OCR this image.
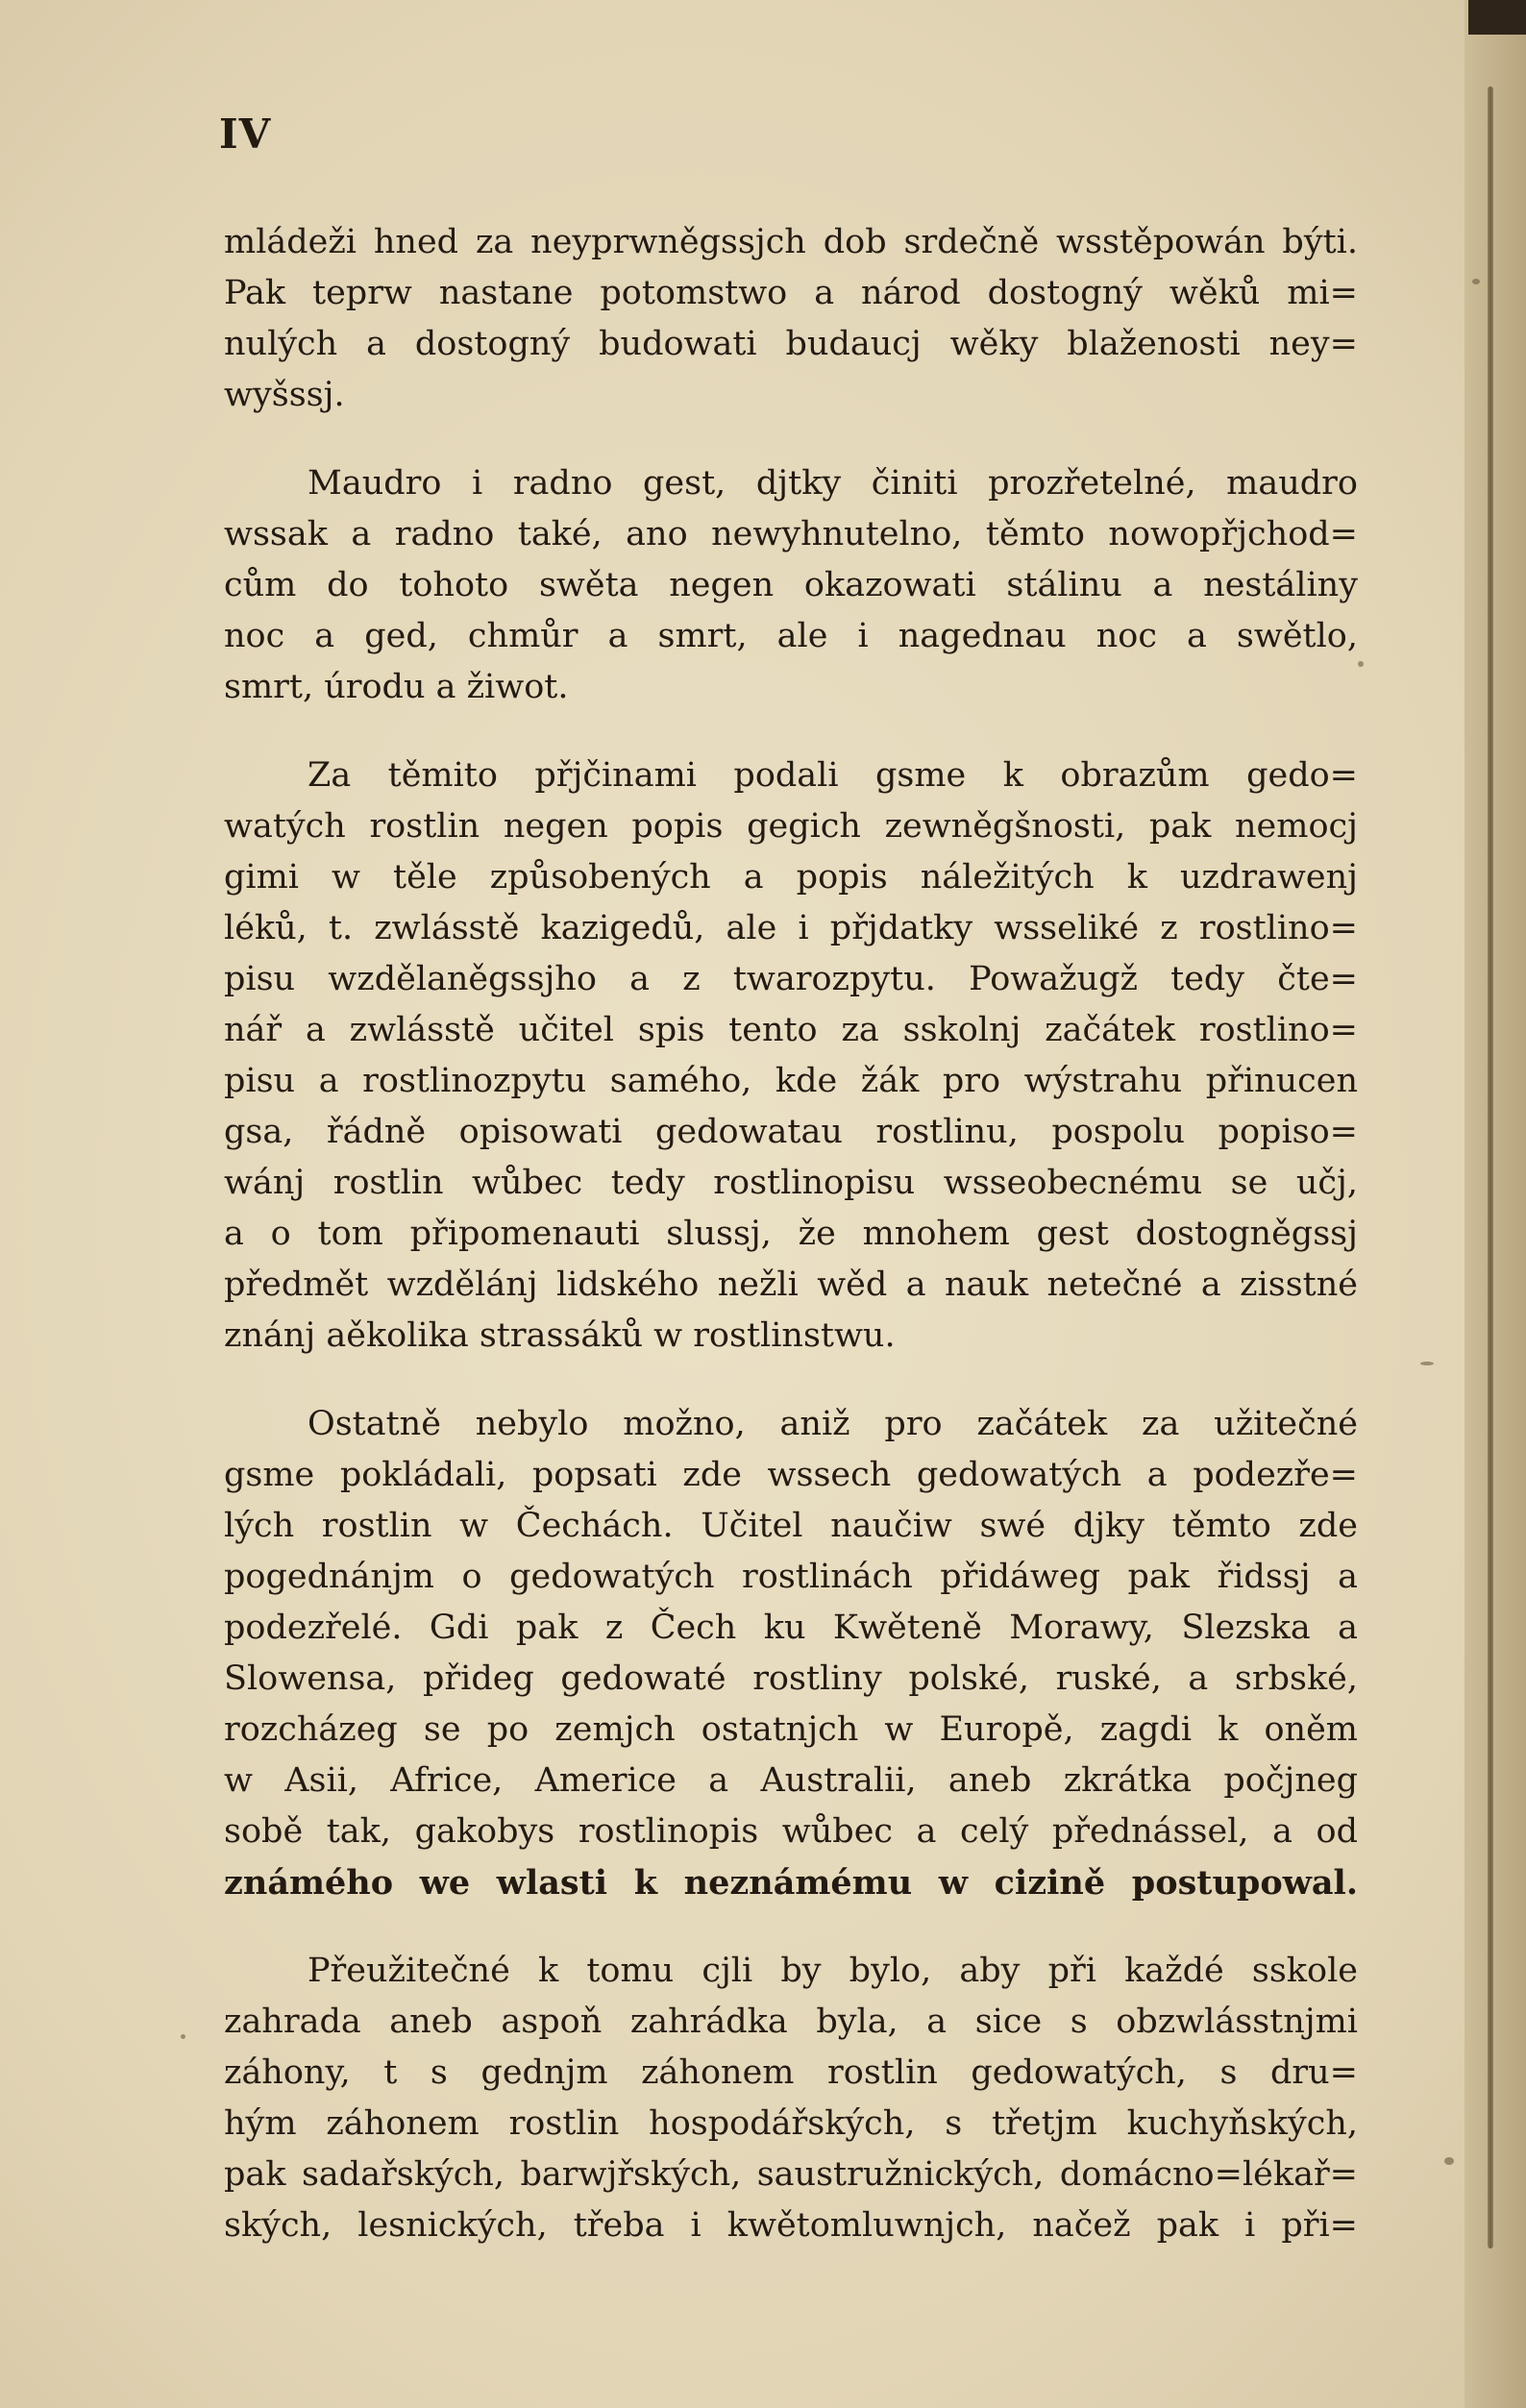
IV
mládeži hned za neyprwněgssjch dob srdečně wsstěpowán býti.
Pak teprw nastane potomstwo a národ dostogný wěků mi=
nulých a dostogný budowati budaucj wěky blaženosti ney=
wyšssj.
Maudro i radno gest, djtky činiti prozřetelné, maudro
wssak a radno také, ano newyhnutelno, těmto nowopřjchod=
cům do tohoto swěta negen okazowati stálinu a nestáliny
noc a ged, chmůr a smrt, ale i nagednau noc a swětlo,
smrt, úrodu a žiwot.
Za těmito přjčinami podali gsme k obrazům gedo=
watých rostlin negen popis gegich zewněgšnosti, pak nemocj
gimi w těle způsobených a popis náležitých k uzdrawenj
léků, t. zwlásstě kazigedů, ale i přjdatky wsseliké z rostlino=
pisu wzdělaněgssjho a z twarozpytu. Powažugž tedy čte=
nář a zwlásstě učitel spis tento za sskolnj začátek rostlino=
pisu a rostlinozpytu samého, kde žák pro wýstrahu přinucen
gsa, řádně opisowati gedowatau rostlinu, pospolu popiso=
wánj rostlin wůbec tedy rostlinopisu wsseobecnému se učj,
a o tom připomenauti slussj, že mnohem gest dostogněgssj
předmět wzdělánj lidského nežli wěd a nauk netečné a zisstné
znánj aěkolika strassáků w rostlinstwu.
Ostatně nebylo možno, aniž pro začátek za užitečné
gsme pokládali, popsati zde wssech gedowatých a podezře=
lých rostlin w Čechách. Učitel naučiw swé djky těmto zde
pogednánjm o gedowatých rostlinách přidáweg pak řidssj a
podezřelé. Gdi pak z Čech ku Kwěteně Morawy, Slezska a
Slowensa, přideg gedowaté rostliny polské, ruské, a srbské,
rozcházeg se po zemjch ostatnjch w Europě, zagdi k oněm
w Asii, Africe, Americe a Australii, aneb zkrátka počjneg
sobě tak, gakobys rostlinopis wůbec a celý přednássel, a od
známého we wlasti k neznámému w cizině postupowal.
Přeužitečné k tomu cjli by bylo, aby při každé sskole
zahrada aneb aspoň zahrádka byla, a sice s obzwlásstnjmi
záhony, t s gednjm záhonem rostlin gedowatých, s dru=
hým záhonem rostlin hospodářských, s třetjm kuchyňských,
pak sadařských, barwjřských, saustružnických, domácno=lékař=
ských, lesnických, třeba i kwětomluwnjch, načež pak i při=
